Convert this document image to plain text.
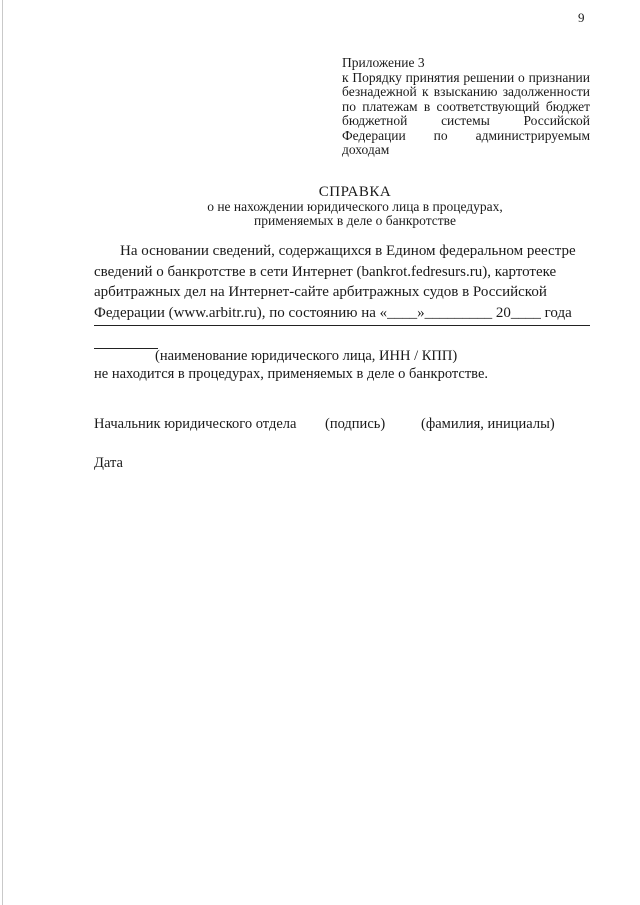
9
Приложение 3
к Порядку принятия решении о признании безнадежной к взысканию задолженности по платежам в соответствующий бюджет бюджетной системы Российской Федерации по администрируемым доходам
СПРАВКА
о не нахождении юридического лица в процедурах,
применяемых в деле о банкротстве
На основании сведений, содержащихся в Едином федеральном реестре сведений о банкротстве в сети Интернет (bankrot.fedresurs.ru), картотеке арбитражных дел на Интернет-сайте арбитражных судов в Российской Федерации (www.arbitr.ru), по состоянию на «____»_________ 20____ года
(наименование юридического лица, ИНН / КПП)
не находится в процедурах, применяемых в деле о банкротстве.
Начальник юридического отдела (подпись) (фамилия, инициалы)
Дата
